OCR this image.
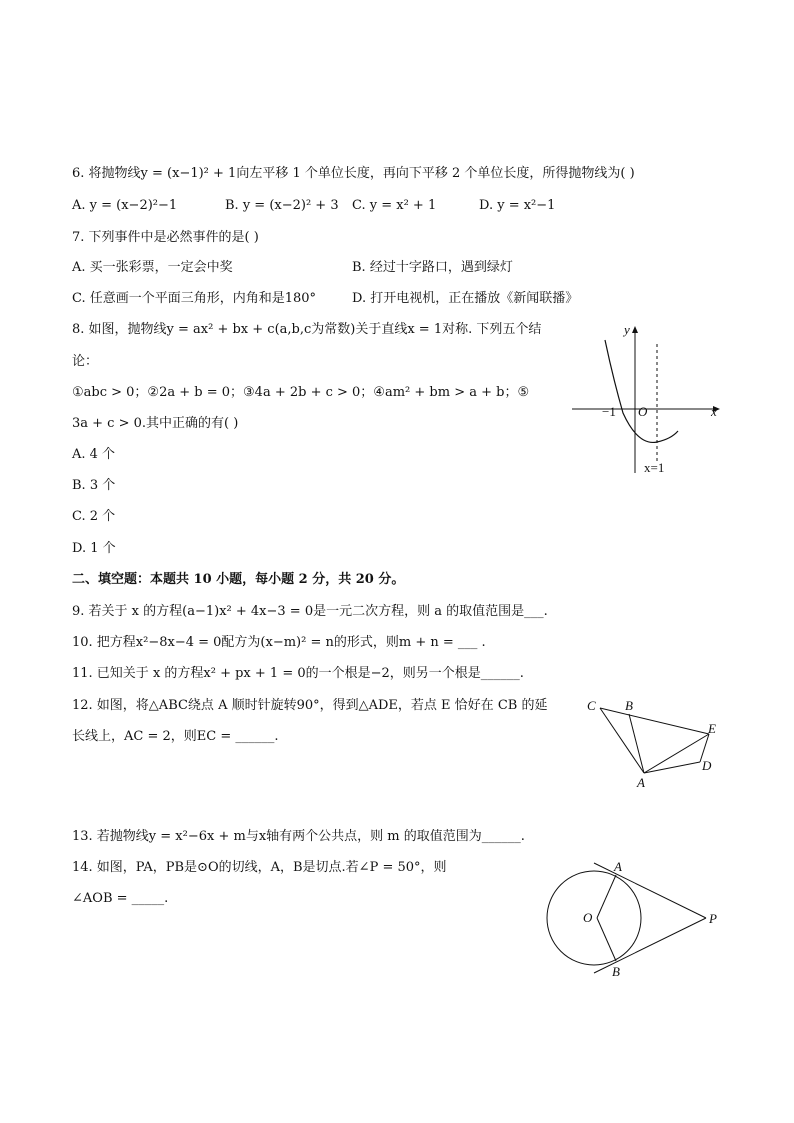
6. 将抛物线y = (x−1)² + 1向左平移 1 个单位长度，再向下平移 2 个单位长度，所得抛物线为( )
A. y = (x−2)²−1	B. y = (x−2)² + 3 C. y = x² + 1	D. y = x²−1
7. 下列事件中是必然事件的是( )
A. 买一张彩票，一定会中奖	B. 经过十字路口，遇到绿灯
C. 任意画一个平面三角形，内角和是180°	D. 打开电视机，正在播放《新闻联播》
8. 如图，抛物线y = ax² + bx + c(a,b,c为常数)关于直线x = 1对称. 下列五个结
论：
①abc > 0；②2a + b = 0；③4a + 2b + c > 0；④am² + bm > a + b；⑤
3a + c > 0.其中正确的有( )
A. 4 个
B. 3 个
C. 2 个
D. 1 个
y
x
O
−1
x=1
二、填空题：本题共 10 小题，每小题 2 分，共 20 分。
9. 若关于 x 的方程(a−1)x² + 4x−3 = 0是一元二次方程，则 a 的取值范围是___.
10. 把方程x²−8x−4 = 0配方为(x−m)² = n的形式，则m + n = ___ .
11. 已知关于 x 的方程x² + px + 1 = 0的一个根是−2，则另一个根是______.
12. 如图，将△ABC绕点 A 顺时针旋转90°，得到△ADE，若点 E 恰好在 CB 的延
长线上，AC = 2，则EC = ______.
C B
E
A
D
13. 若抛物线y = x²−6x + m与x轴有两个公共点，则 m 的取值范围为______.
14. 如图，PA，PB是⊙O的切线，A，B是切点.若∠P = 50°，则
∠AOB = _____.
A
B
O	P
